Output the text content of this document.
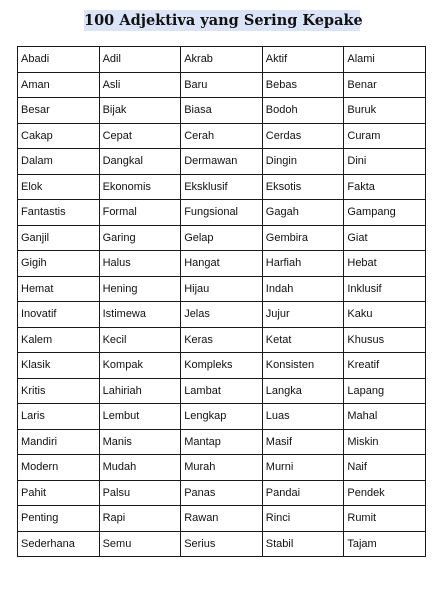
100 Adjektiva yang Sering Kepake
Abadi	Adil	Akrab	Aktif	Alami
Aman	Asli	Baru	Bebas	Benar
Besar	Bijak	Biasa	Bodoh	Buruk
Cakap	Cepat	Cerah	Cerdas	Curam
Dalam	Dangkal	Dermawan	Dingin	Dini
Elok	Ekonomis	Eksklusif	Eksotis	Fakta
Fantastis	Formal	Fungsional	Gagah	Gampang
Ganjil	Garing	Gelap	Gembira	Giat
Gigih	Halus	Hangat	Harfiah	Hebat
Hemat	Hening	Hijau	Indah	Inklusif
Inovatif	Istimewa	Jelas	Jujur	Kaku
Kalem	Kecil	Keras	Ketat	Khusus
Klasik	Kompak	Kompleks	Konsisten	Kreatif
Kritis	Lahiriah	Lambat	Langka	Lapang
Laris	Lembut	Lengkap	Luas	Mahal
Mandiri	Manis	Mantap	Masif	Miskin
Modern	Mudah	Murah	Murni	Naif
Pahit	Palsu	Panas	Pandai	Pendek
Penting	Rapi	Rawan	Rinci	Rumit
Sederhana	Semu	Serius	Stabil	Tajam
